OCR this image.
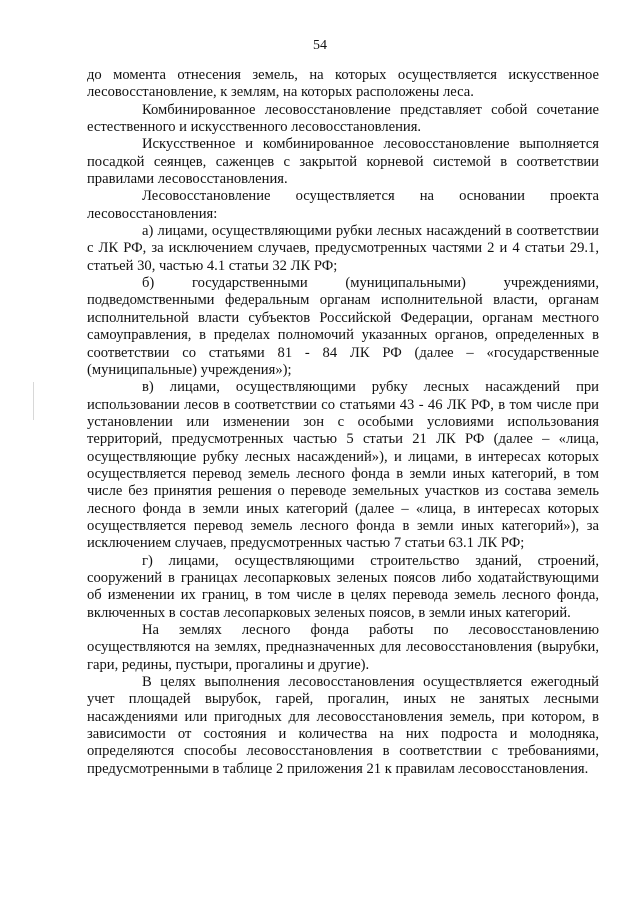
54

до момента отнесения земель, на которых осуществляется искусственное лесовосстановление, к землям, на которых расположены леса.

Комбинированное лесовосстановление представляет собой сочетание естественного и искусственного лесовосстановления.

Искусственное и комбинированное лесовосстановление выполняется посадкой сеянцев, саженцев с закрытой корневой системой в соответствии правилами лесовосстановления.

Лесовосстановление осуществляется на основании проекта лесовосстановления:

а) лицами, осуществляющими рубки лесных насаждений в соответствии с ЛК РФ, за исключением случаев, предусмотренных частями 2 и 4 статьи 29.1, статьей 30, частью 4.1 статьи 32 ЛК РФ;

б) государственными (муниципальными) учреждениями, подведомственными федеральным органам исполнительной власти, органам исполнительной власти субъектов Российской Федерации, органам местного самоуправления, в пределах полномочий указанных органов, определенных в соответствии со статьями 81 - 84 ЛК РФ (далее – «государственные (муниципальные) учреждения»);

в) лицами, осуществляющими рубку лесных насаждений при использовании лесов в соответствии со статьями 43 - 46 ЛК РФ, в том числе при установлении или изменении зон с особыми условиями использования территорий, предусмотренных частью 5 статьи 21 ЛК РФ (далее – «лица, осуществляющие рубку лесных насаждений»), и лицами, в интересах которых осуществляется перевод земель лесного фонда в земли иных категорий, в том числе без принятия решения о переводе земельных участков из состава земель лесного фонда в земли иных категорий (далее – «лица, в интересах которых осуществляется перевод земель лесного фонда в земли иных категорий»), за исключением случаев, предусмотренных частью 7 статьи 63.1 ЛК РФ;

г) лицами, осуществляющими строительство зданий, строений, сооружений в границах лесопарковых зеленых поясов либо ходатайствующими об изменении их границ, в том числе в целях перевода земель лесного фонда, включенных в состав лесопарковых зеленых поясов, в земли иных категорий.

На землях лесного фонда работы по лесовосстановлению осуществляются на землях, предназначенных для лесовосстановления (вырубки, гари, редины, пустыри, прогалины и другие).

В целях выполнения лесовосстановления осуществляется ежегодный учет площадей вырубок, гарей, прогалин, иных не занятых лесными насаждениями или пригодных для лесовосстановления земель, при котором, в зависимости от состояния и количества на них подроста и молодняка, определяются способы лесовосстановления в соответствии с требованиями, предусмотренными в таблице 2 приложения 21 к правилам лесовосстановления.
